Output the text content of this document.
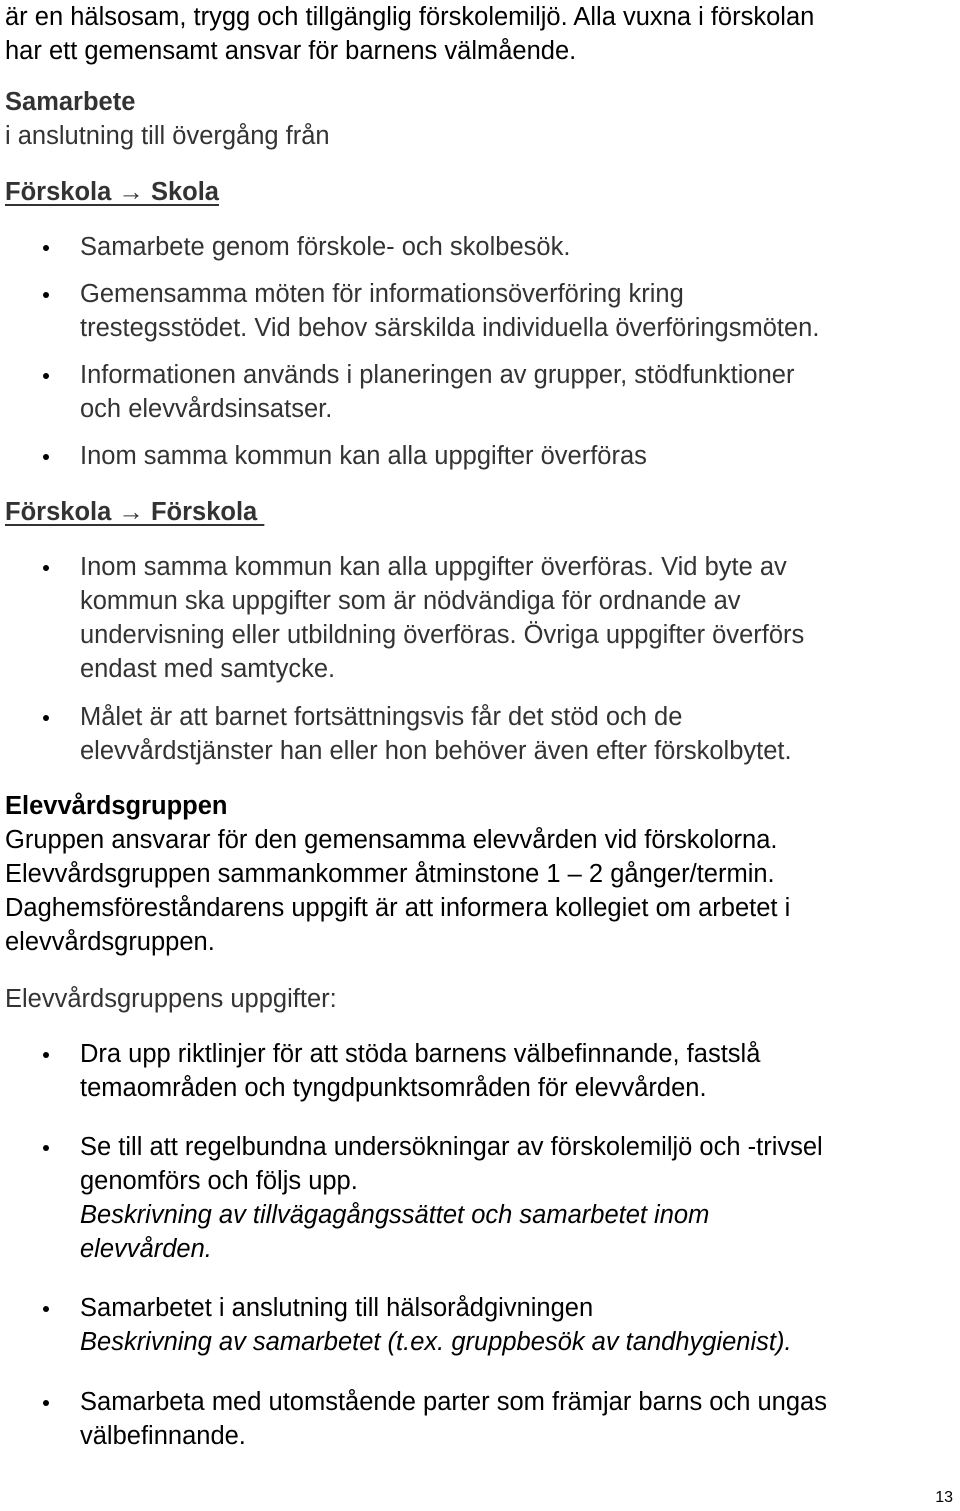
är en hälsosam, trygg och tillgänglig förskolemiljö. Alla vuxna i förskolan
har ett gemensamt ansvar för barnens välmående.
Samarbete
i anslutning till övergång från
Förskola → Skola
Samarbete genom förskole- och skolbesök.
Gemensamma möten för informationsöverföring kring
trestegsstödet. Vid behov särskilda individuella överföringsmöten.
Informationen används i planeringen av grupper, stödfunktioner
och elevvårdsinsatser.
Inom samma kommun kan alla uppgifter överföras
Förskola → Förskola
Inom samma kommun kan alla uppgifter överföras. Vid byte av
kommun ska uppgifter som är nödvändiga för ordnande av
undervisning eller utbildning överföras. Övriga uppgifter överförs
endast med samtycke.
Målet är att barnet fortsättningsvis får det stöd och de
elevvårdstjänster han eller hon behöver även efter förskolbytet.
Elevvårdsgruppen
Gruppen ansvarar för den gemensamma elevvården vid förskolorna.
Elevvårdsgruppen sammankommer åtminstone 1 – 2 gånger/termin.
Daghemsföreståndarens uppgift är att informera kollegiet om arbetet i
elevvårdsgruppen.
Elevvårdsgruppens uppgifter:
Dra upp riktlinjer för att stöda barnens välbefinnande, fastslå
temaområden och tyngdpunktsområden för elevvården.
Se till att regelbundna undersökningar av förskolemiljö och -trivsel
genomförs och följs upp.
Beskrivning av tillvägagångssättet och samarbetet inom
elevvården.
Samarbetet i anslutning till hälsorådgivningen
Beskrivning av samarbetet (t.ex. gruppbesök av tandhygienist).
Samarbeta med utomstående parter som främjar barns och ungas
välbefinnande.
13
